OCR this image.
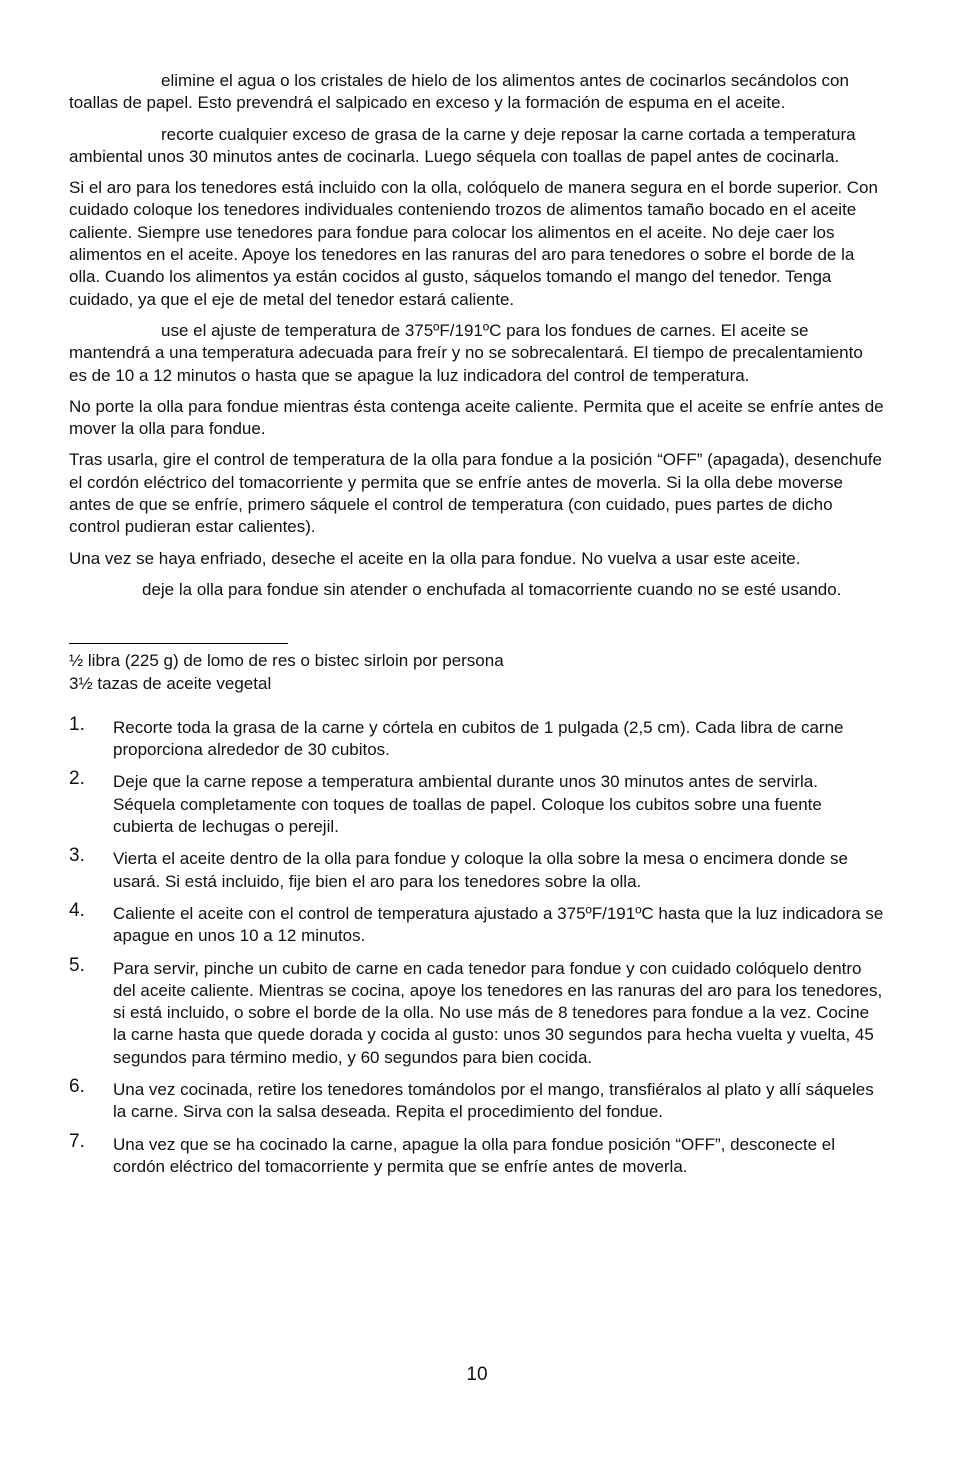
elimine el agua o los cristales de hielo de los alimentos antes de cocinarlos secándolos con toallas de papel. Esto prevendrá el salpicado en exceso y la formación de espuma en el aceite.

recorte cualquier exceso de grasa de la carne y deje reposar la carne cortada a temperatura ambiental unos 30 minutos antes de cocinarla. Luego séquela con toallas de papel antes de cocinarla.

Si el aro para los tenedores está incluido con la olla, colóquelo de manera segura en el borde superior. Con cuidado coloque los tenedores individuales conteniendo trozos de alimentos tamaño bocado en el aceite caliente. Siempre use tenedores para fondue para colocar los alimentos en el aceite. No deje caer los alimentos en el aceite. Apoye los tenedores en las ranuras del aro para tenedores o sobre el borde de la olla. Cuando los alimentos ya están cocidos al gusto, sáquelos tomando el mango del tenedor. Tenga cuidado, ya que el eje de metal del tenedor estará caliente.

use el ajuste de temperatura de 375ºF/191ºC para los fondues de carnes. El aceite se mantendrá a una temperatura adecuada para freír y no se sobrecalentará. El tiempo de precalentamiento es de 10 a 12 minutos o hasta que se apague la luz indicadora del control de temperatura.

No porte la olla para fondue mientras ésta contenga aceite caliente. Permita que el aceite se enfríe antes de mover la olla para fondue.

Tras usarla, gire el control de temperatura de la olla para fondue a la posición “OFF” (apagada), desenchufe el cordón eléctrico del tomacorriente y permita que se enfríe antes de moverla. Si la olla debe moverse antes de que se enfríe, primero sáquele el control de temperatura (con cuidado, pues partes de dicho control pudieran estar calientes).

Una vez se haya enfriado, deseche el aceite en la olla para fondue. No vuelva a usar este aceite.

deje la olla para fondue sin atender o enchufada al tomacorriente cuando no se esté usando.

½ libra (225 g) de lomo de res o bistec sirloin por persona

3½ tazas de aceite vegetal

1. Recorte toda la grasa de la carne y córtela en cubitos de 1 pulgada (2,5 cm). Cada libra de carne proporciona alrededor de 30 cubitos.
2. Deje que la carne repose a temperatura ambiental durante unos 30 minutos antes de servirla. Séquela completamente con toques de toallas de papel. Coloque los cubitos sobre una fuente cubierta de lechugas o perejil.
3. Vierta el aceite dentro de la olla para fondue y coloque la olla sobre la mesa o encimera donde se usará. Si está incluido, fije bien el aro para los tenedores sobre la olla.
4. Caliente el aceite con el control de temperatura ajustado a 375ºF/191ºC hasta que la luz indicadora se apague en unos 10 a 12 minutos.
5. Para servir, pinche un cubito de carne en cada tenedor para fondue y con cuidado colóquelo dentro del aceite caliente. Mientras se cocina, apoye los tenedores en las ranuras del aro para los tenedores, si está incluido, o sobre el borde de la olla. No use más de 8 tenedores para fondue a la vez. Cocine la carne hasta que quede dorada y cocida al gusto: unos 30 segundos para hecha vuelta y vuelta, 45 segundos para término medio, y 60 segundos para bien cocida.
6. Una vez cocinada, retire los tenedores tomándolos por el mango, transfiéralos al plato y allí sáqueles la carne. Sirva con la salsa deseada. Repita el procedimiento del fondue.
7. Una vez que se ha cocinado la carne, apague la olla para fondue posición “OFF”, desconecte el cordón eléctrico del tomacorriente y permita que se enfríe antes de moverla.
10
